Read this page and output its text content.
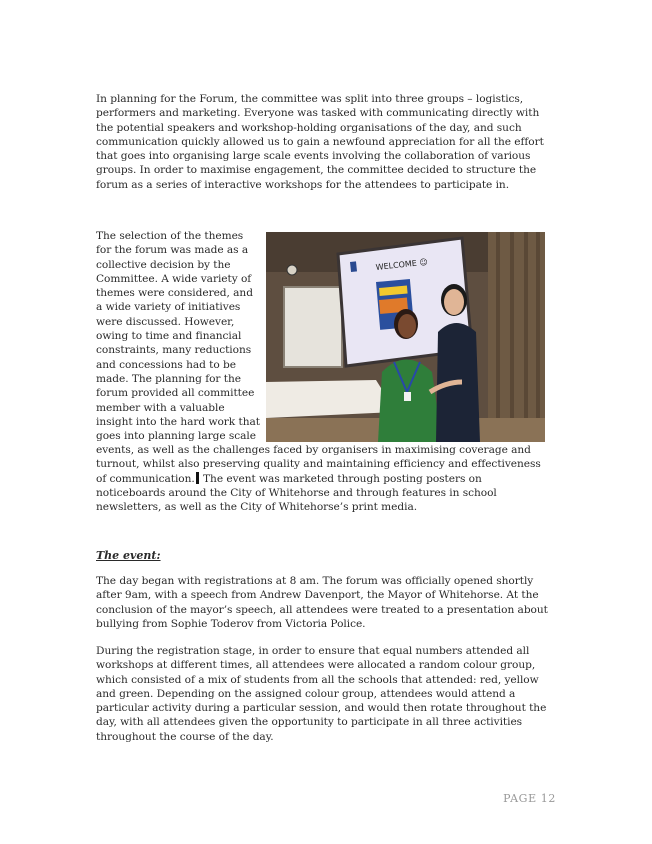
In planning for the Forum, the committee was split into three groups – logistics, performers and marketing. Everyone was tasked with communicating directly with the potential speakers and workshop-holding organisations of the day, and such communication quickly allowed us to gain a newfound appreciation for all the effort that goes into organising large scale events involving the collaboration of various groups. In order to maximise engagement, the committee decided to structure the forum as a series of interactive workshops for the attendees to participate in.

The selection of the themes for the forum was made as a collective decision by the Committee. A wide variety of themes were considered, and a wide variety of initiatives were discussed. However, owing to time and financial constraints, many reductions and concessions had to be made. The planning for the forum provided all committee member with a valuable insight into the hard work that goes into planning large scale

WELCOME ☺

events, as well as the challenges faced by organisers in maximising coverage and turnout, whilst also preserving quality and maintaining efficiency and effectiveness of communication. The event was marketed through posting posters on noticeboards around the City of Whitehorse and through features in school newsletters, as well as the City of Whitehorse’s print media.

The event:

The day began with registrations at 8 am. The forum was officially opened shortly after 9am, with a speech from Andrew Davenport, the Mayor of Whitehorse. At the conclusion of the mayor’s speech, all attendees were treated to a presentation about bullying from Sophie Toderov from Victoria Police.

During the registration stage, in order to ensure that equal numbers attended all workshops at different times, all attendees were allocated a random colour group, which consisted of a mix of students from all the schools that attended: red, yellow and green. Depending on the assigned colour group, attendees would attend a particular activity during a particular session, and would then rotate throughout the day, with all attendees given the opportunity to participate in all three activities throughout the course of the day.

PAGE 12
